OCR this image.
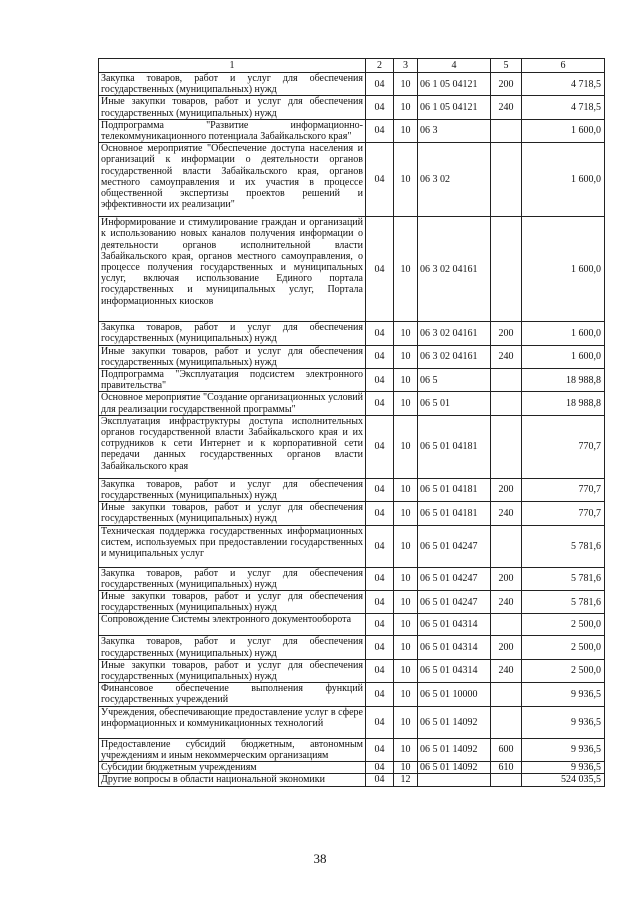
1	2	3	4	5	6
Закупка товаров, работ и услуг для обеспечения государственных (муниципальных) нужд	04	10	06 1 05 04121	200	4 718,5
Иные закупки товаров, работ и услуг для обеспечения государственных (муниципальных) нужд	04	10	06 1 05 04121	240	4 718,5
Подпрограмма "Развитие информационно-телекоммуникационного потенциала Забайкальского края"	04	10	06 3		1 600,0
Основное мероприятие "Обеспечение доступа населения и организаций к информации о деятельности органов государственной власти Забайкальского края, органов местного самоуправления и их участия в процессе общественной экспертизы проектов решений и эффективности их реализации"	04	10	06 3 02		1 600,0
Информирование и стимулирование граждан и организаций к использованию новых каналов получения информации о деятельности органов исполнительной власти Забайкальского края, органов местного самоуправления, о процессе получения государственных и муниципальных услуг, включая использование Единого портала государственных и муниципальных услуг, Портала информационных киосков	04	10	06 3 02 04161		1 600,0
Закупка товаров, работ и услуг для обеспечения государственных (муниципальных) нужд	04	10	06 3 02 04161	200	1 600,0
Иные закупки товаров, работ и услуг для обеспечения государственных (муниципальных) нужд	04	10	06 3 02 04161	240	1 600,0
Подпрограмма "Эксплуатация подсистем электронного правительства"	04	10	06 5		18 988,8
Основное мероприятие "Создание организационных условий для реализации государственной программы"	04	10	06 5 01		18 988,8
Эксплуатация инфраструктуры доступа исполнительных органов государственной власти Забайкальского края и их сотрудников к сети Интернет и к корпоративной сети передачи данных государственных органов власти Забайкальского края	04	10	06 5 01 04181		770,7
Закупка товаров, работ и услуг для обеспечения государственных (муниципальных) нужд	04	10	06 5 01 04181	200	770,7
Иные закупки товаров, работ и услуг для обеспечения государственных (муниципальных) нужд	04	10	06 5 01 04181	240	770,7
Техническая поддержка государственных информационных систем, используемых при предоставлении государственных и муниципальных услуг	04	10	06 5 01 04247		5 781,6
Закупка товаров, работ и услуг для обеспечения государственных (муниципальных) нужд	04	10	06 5 01 04247	200	5 781,6
Иные закупки товаров, работ и услуг для обеспечения государственных (муниципальных) нужд	04	10	06 5 01 04247	240	5 781,6
Сопровождение Системы электронного документооборота	04	10	06 5 01 04314		2 500,0
Закупка товаров, работ и услуг для обеспечения государственных (муниципальных) нужд	04	10	06 5 01 04314	200	2 500,0
Иные закупки товаров, работ и услуг для обеспечения государственных (муниципальных) нужд	04	10	06 5 01 04314	240	2 500,0
Финансовое обеспечение выполнения функций государственных учреждений	04	10	06 5 01 10000		9 936,5
Учреждения, обеспечивающие предоставление услуг в сфере информационных и коммуникационных технологий	04	10	06 5 01 14092		9 936,5
Предоставление субсидий бюджетным, автономным учреждениям и иным некоммерческим организациям	04	10	06 5 01 14092	600	9 936,5
Субсидии бюджетным учреждениям	04	10	06 5 01 14092	610	9 936,5
Другие вопросы в области национальной экономики	04	12			524 035,5
38
